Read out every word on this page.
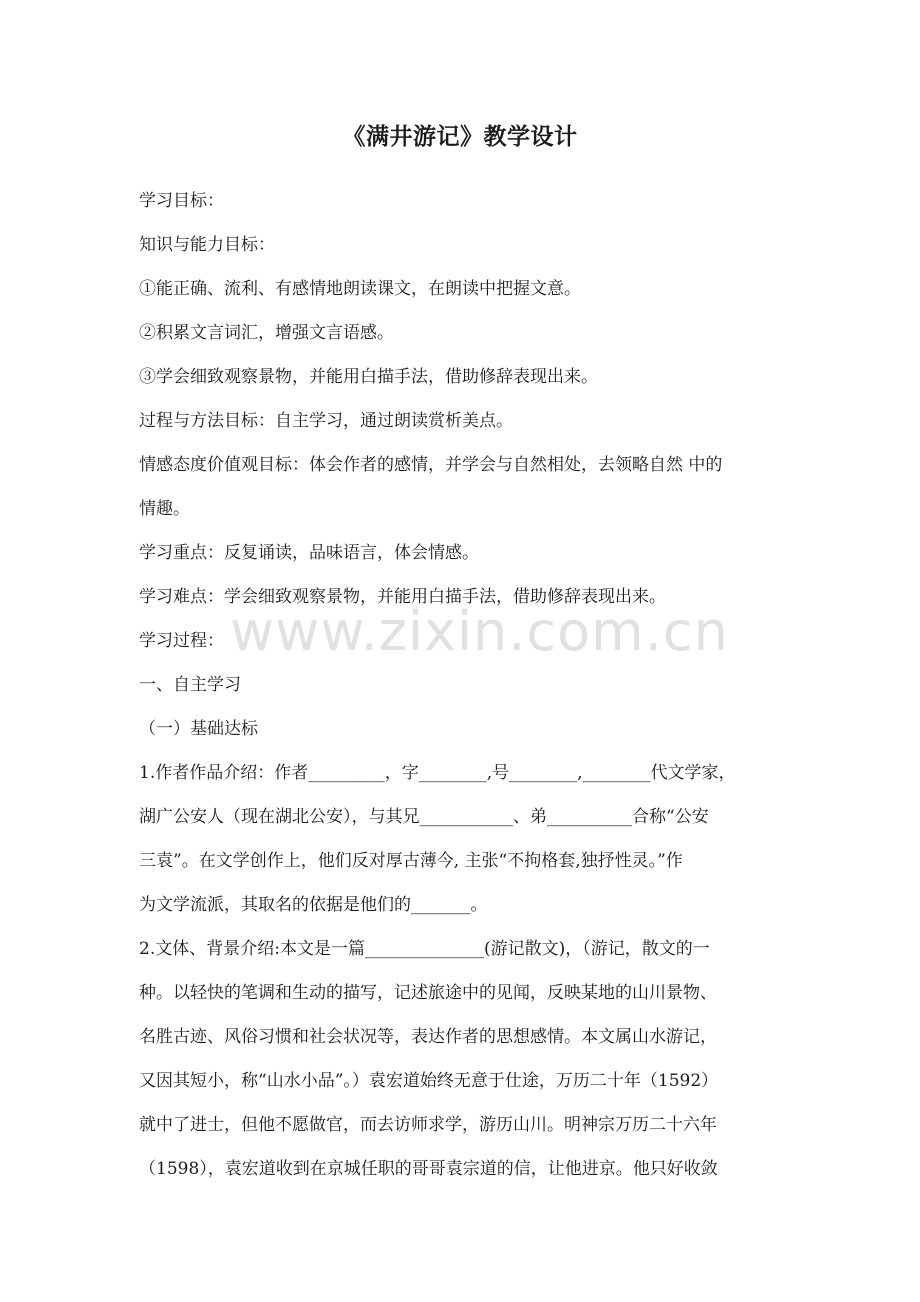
《满井游记》教学设计
学习目标：
知识与能力目标：
①能正确、流利、有感情地朗读课文，在朗读中把握文意。
②积累文言词汇，增强文言语感。
③学会细致观察景物，并能用白描手法，借助修辞表现出来。
过程与方法目标：自主学习，通过朗读赏析美点。
情感态度价值观目标：体会作者的感情，并学会与自然相处，去领略自然 中的
情趣。
学习重点：反复诵读，品味语言，体会情感。
学习难点：学会细致观察景物，并能用白描手法，借助修辞表现出来。
学习过程：
一、自主学习
（一）基础达标
1.作者作品介绍：作者_________，字________,号________,________代文学家，
湖广公安人（现在湖北公安），与其兄___________、弟__________合称“公安
三袁”。在文学创作上，他们反对厚古薄今, 主张“不拘格套,独抒性灵。”作
为文学流派，其取名的依据是他们的_______。
2.文体、背景介绍:本文是一篇______________(游记散文)，（游记，散文的一
种。以轻快的笔调和生动的描写，记述旅途中的见闻，反映某地的山川景物、
名胜古迹、风俗习惯和社会状况等，表达作者的思想感情。本文属山水游记，
又因其短小，称“山水小品”。）袁宏道始终无意于仕途，万历二十年（1592）
就中了进士，但他不愿做官，而去访师求学，游历山川。明神宗万历二十六年
（1598），袁宏道收到在京城任职的哥哥袁宗道的信，让他进京。他只好收敛
www.zixin.com.cn
